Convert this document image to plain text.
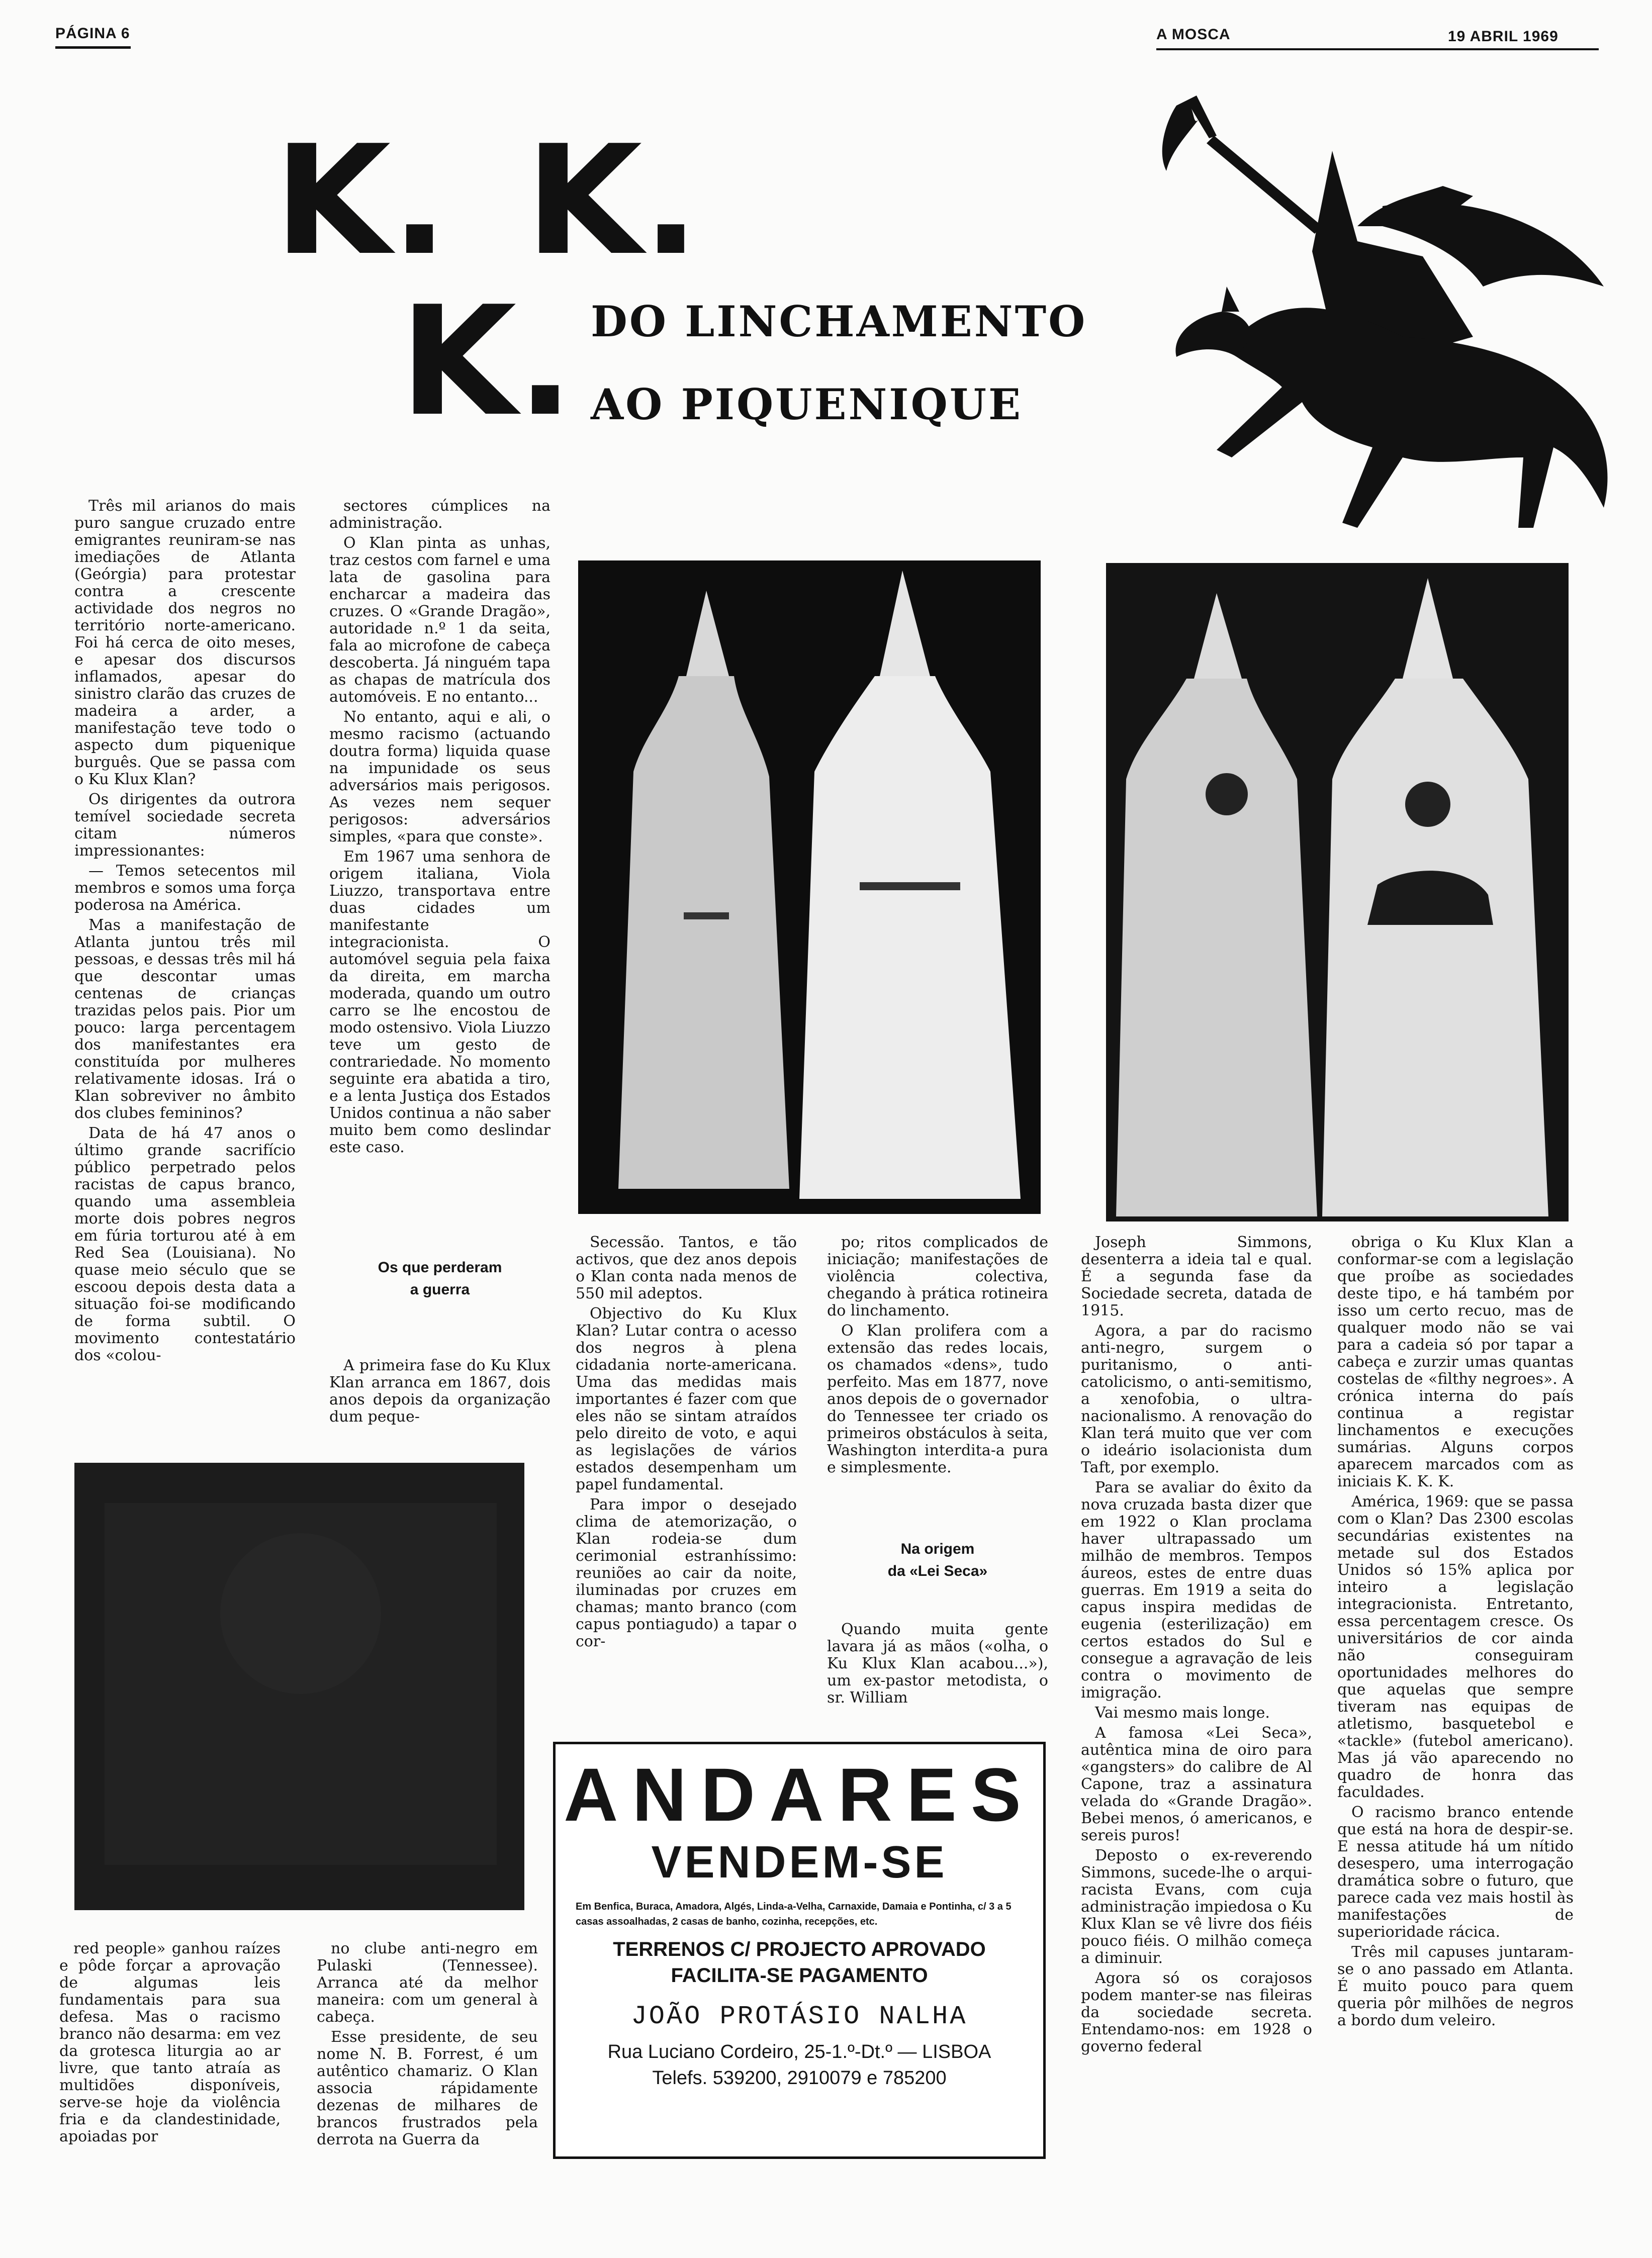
PÁGINA 6	A MOSCA	19 ABRIL 1969
K. K.
K. DO LINCHAMENTO
AO PIQUENIQUE

Três mil arianos do mais puro sangue cruzado entre emigrantes reuniram-se nas imediações de Atlanta (Geórgia) para protestar contra a crescente actividade dos negros no território norte-americano. Foi há cerca de oito meses, e apesar dos discursos inflamados, apesar do sinistro clarão das cruzes de madeira a arder, a manifestação teve todo o aspecto dum piquenique burguês. Que se passa com o Ku Klux Klan?

Os dirigentes da outrora temível sociedade secreta citam números impressionantes:

— Temos setecentos mil membros e somos uma força poderosa na América.

Mas a manifestação de Atlanta juntou três mil pessoas, e dessas três mil há que descontar umas centenas de crianças trazidas pelos pais. Pior um pouco: larga percentagem dos manifestantes era constituída por mulheres relativamente idosas. Irá o Klan sobreviver no âmbito dos clubes femininos?

Data de há 47 anos o último grande sacrifício público perpetrado pelos racistas de capus branco, quando uma assembleia morte dois pobres negros em fúria torturou até à em Red Sea (Louisiana). No quase meio século que se escoou depois desta data a situação foi-se modificando de forma subtil. O movimento contestatário dos «colou-

sectores cúmplices na administração.

O Klan pinta as unhas, traz cestos com farnel e uma lata de gasolina para encharcar a madeira das cruzes. O «Grande Dragão», autoridade n.º 1 da seita, fala ao microfone de cabeça descoberta. Já ninguém tapa as chapas de matrícula dos automóveis. E no entanto...

No entanto, aqui e ali, o mesmo racismo (actuando doutra forma) liquida quase na impunidade os seus adversários mais perigosos. As vezes nem sequer perigosos: adversários simples, «para que conste».

Em 1967 uma senhora de origem italiana, Viola Liuzzo, transportava entre duas cidades um manifestante integracionista. O automóvel seguia pela faixa da direita, em marcha moderada, quando um outro carro se lhe encostou de modo ostensivo. Viola Liuzzo teve um gesto de contrariedade. No momento seguinte era abatida a tiro, e a lenta Justiça dos Estados Unidos continua a não saber muito bem como deslindar este caso.

Os que perderam
a guerra

A primeira fase do Ku Klux Klan arranca em 1867, dois anos depois da organização dum peque-

Secessão. Tantos, e tão activos, que dez anos depois o Klan conta nada menos de 550 mil adeptos.

Objectivo do Ku Klux Klan? Lutar contra o acesso dos negros à plena cidadania norte-americana. Uma das medidas mais importantes é fazer com que eles não se sintam atraídos pelo direito de voto, e aqui as legislações de vários estados desempenham um papel fundamental.

Para impor o desejado clima de atemorização, o Klan rodeia-se dum cerimonial estranhíssimo: reuniões ao cair da noite, iluminadas por cruzes em chamas; manto branco (com capus pontiagudo) a tapar o cor-

po; ritos complicados de iniciação; manifestações de violência colectiva, chegando à prática rotineira do linchamento.

O Klan prolifera com a extensão das redes locais, os chamados «dens», tudo perfeito. Mas em 1877, nove anos depois de o governador do Tennessee ter criado os primeiros obstáculos à seita, Washington interdita-a pura e simplesmente.

Na origem
da «Lei Seca»

Quando muita gente lavara já as mãos («olha, o Ku Klux Klan acabou...»), um ex-pastor metodista, o sr. William

Joseph Simmons, desenterra a ideia tal e qual. É a segunda fase da Sociedade secreta, datada de 1915.

Agora, a par do racismo anti-negro, surgem o puritanismo, o anti-catolicismo, o anti-semitismo, a xenofobia, o ultra-nacionalismo. A renovação do Klan terá muito que ver com o ideário isolacionista dum Taft, por exemplo.

Para se avaliar do êxito da nova cruzada basta dizer que em 1922 o Klan proclama haver ultrapassado um milhão de membros. Tempos áureos, estes de entre duas guerras. Em 1919 a seita do capus inspira medidas de eugenia (esterilização) em certos estados do Sul e consegue a agravação de leis contra o movimento de imigração.

Vai mesmo mais longe.

A famosa «Lei Seca», autêntica mina de oiro para «gangsters» do calibre de Al Capone, traz a assinatura velada do «Grande Dragão». Bebei menos, ó americanos, e sereis puros!

Deposto o ex-reverendo Simmons, sucede-lhe o arqui-racista Evans, com cuja administração impiedosa o Ku Klux Klan se vê livre dos fiéis pouco fiéis. O milhão começa a diminuir.

Agora só os corajosos podem manter-se nas fileiras da sociedade secreta. Entendamo-nos: em 1928 o governo federal

obriga o Ku Klux Klan a conformar-se com a legislação que proíbe as sociedades deste tipo, e há também por isso um certo recuo, mas de qualquer modo não se vai para a cadeia só por tapar a cabeça e zurzir umas quantas costelas de «filthy negroes». A crónica interna do país continua a registar linchamentos e execuções sumárias. Alguns corpos aparecem marcados com as iniciais K. K. K.

América, 1969: que se passa com o Klan? Das 2300 escolas secundárias existentes na metade sul dos Estados Unidos só 15% aplica por inteiro a legislação integracionista. Entretanto, essa percentagem cresce. Os universitários de cor ainda não conseguiram oportunidades melhores do que aquelas que sempre tiveram nas equipas de atletismo, basquetebol e «tackle» (futebol americano). Mas já vão aparecendo no quadro de honra das faculdades.

O racismo branco entende que está na hora de despir-se. E nessa atitude há um nítido desespero, uma interrogação dramática sobre o futuro, que parece cada vez mais hostil às manifestações de superioridade rácica.

Três mil capuses juntaram-se o ano passado em Atlanta. É muito pouco para quem queria pôr milhões de negros a bordo dum veleiro.

red people» ganhou raízes e pôde forçar a aprovação de algumas leis fundamentais para sua defesa. Mas o racismo branco não desarma: em vez da grotesca liturgia ao ar livre, que tanto atraía as multidões disponíveis, serve-se hoje da violência fria e da clandestinidade, apoiadas por

no clube anti-negro em Pulaski (Tennessee). Arranca até da melhor maneira: com um general à cabeça.

Esse presidente, de seu nome N. B. Forrest, é um autêntico chamariz. O Klan associa rápidamente dezenas de milhares de brancos frustrados pela derrota na Guerra da

ANDARES
VENDEM-SE
Em Benfica, Buraca, Amadora, Algés, Linda-a-Velha, Carnaxide, Damaia e Pontinha, c/ 3 a 5 casas assoalhadas, 2 casas de banho, cozinha, recepções, etc.
TERRENOS C/ PROJECTO APROVADO
FACILITA-SE PAGAMENTO
JOÃO PROTÁSIO NALHA
Rua Luciano Cordeiro, 25-1.º-Dt.º — LISBOA
Telefs. 539200, 2910079 e 785200
